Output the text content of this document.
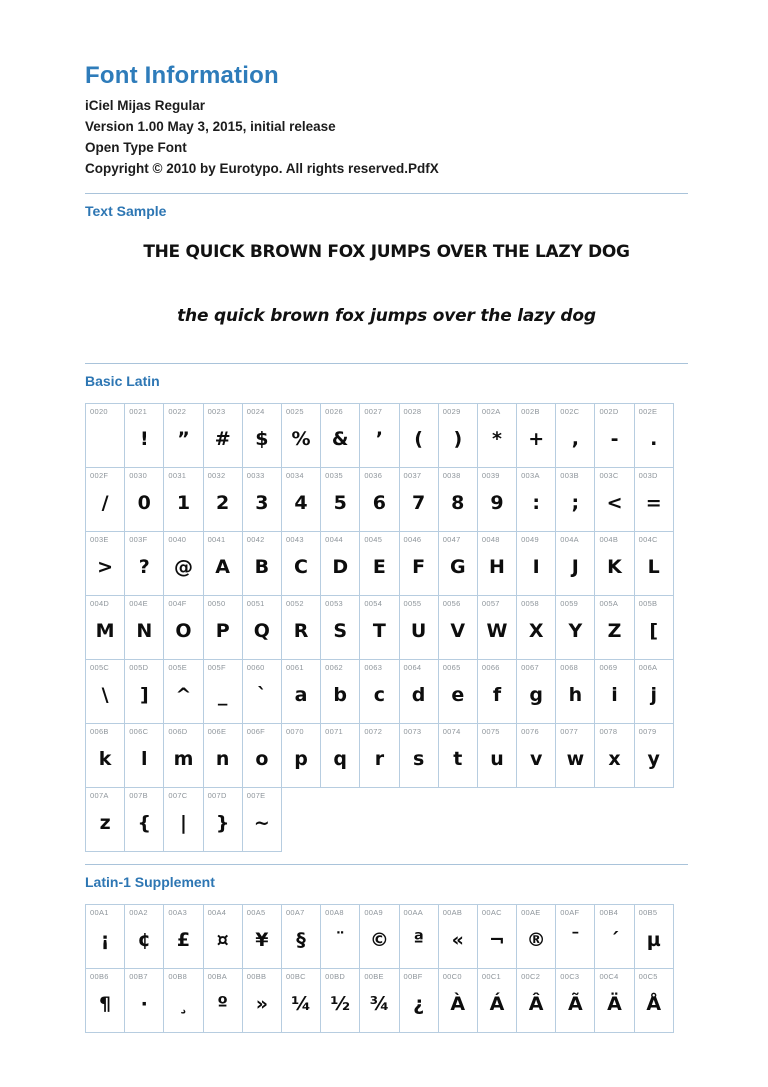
Font Information
iCiel Mijas Regular
Version 1.00 May 3, 2015, initial release
Open Type Font
Copyright © 2010 by Eurotypo. All rights reserved.PdfX
Text Sample
THE QUICK BROWN FOX JUMPS OVER THE LAZY DOG
the quick brown fox jumps over the lazy dog
Basic Latin
0020	0021
!
0022
”
0023
#
0024
$
0025
%
0026
&
0027
’
0028
(
0029
)
002A
*
002B
+
002C
,
002D
-
002E
.
002F
/
0030
0
0031
1
0032
2
0033
3
0034
4
0035
5
0036
6
0037
7
0038
8
0039
9
003A
:
003B
;
003C
<
003D
=
003E
>
003F
?
0040
@
0041
A
0042
B
0043
C
0044
D
0045
E
0046
F
0047
G
0048
H
0049
I
004A
J
004B
K
004C
L
004D
M
004E
N
004F
O
0050
P
0051
Q
0052
R
0053
S
0054
T
0055
U
0056
V
0057
W
0058
X
0059
Y
005A
Z
005B
[
005C
\
005D
]
005E
^
005F
_
0060
`
0061
a
0062
b
0063
c
0064
d
0065
e
0066
f
0067
g
0068
h
0069
i
006A
j
006B
k
006C
l
006D
m
006E
n
006F
o
0070
p
0071
q
0072
r
0073
s
0074
t
0075
u
0076
v
0077
w
0078
x
0079
y
007A
z
007B
{
007C
|
007D
}
007E
~
Latin-1 Supplement
00A1
¡
00A2
¢
00A3
£
00A4
¤
00A5
¥
00A7
§
00A8
¨
00A9
©
00AA
ª
00AB
«
00AC
¬
00AE
®
00AF
¯
00B4
´
00B5
µ
00B6
¶
00B7
·
00B8
¸
00BA
º
00BB
»
00BC
¼
00BD
½
00BE
¾
00BF
¿
00C0
À
00C1
Á
00C2
Â
00C3
Ã
00C4
Ä
00C5
Å
